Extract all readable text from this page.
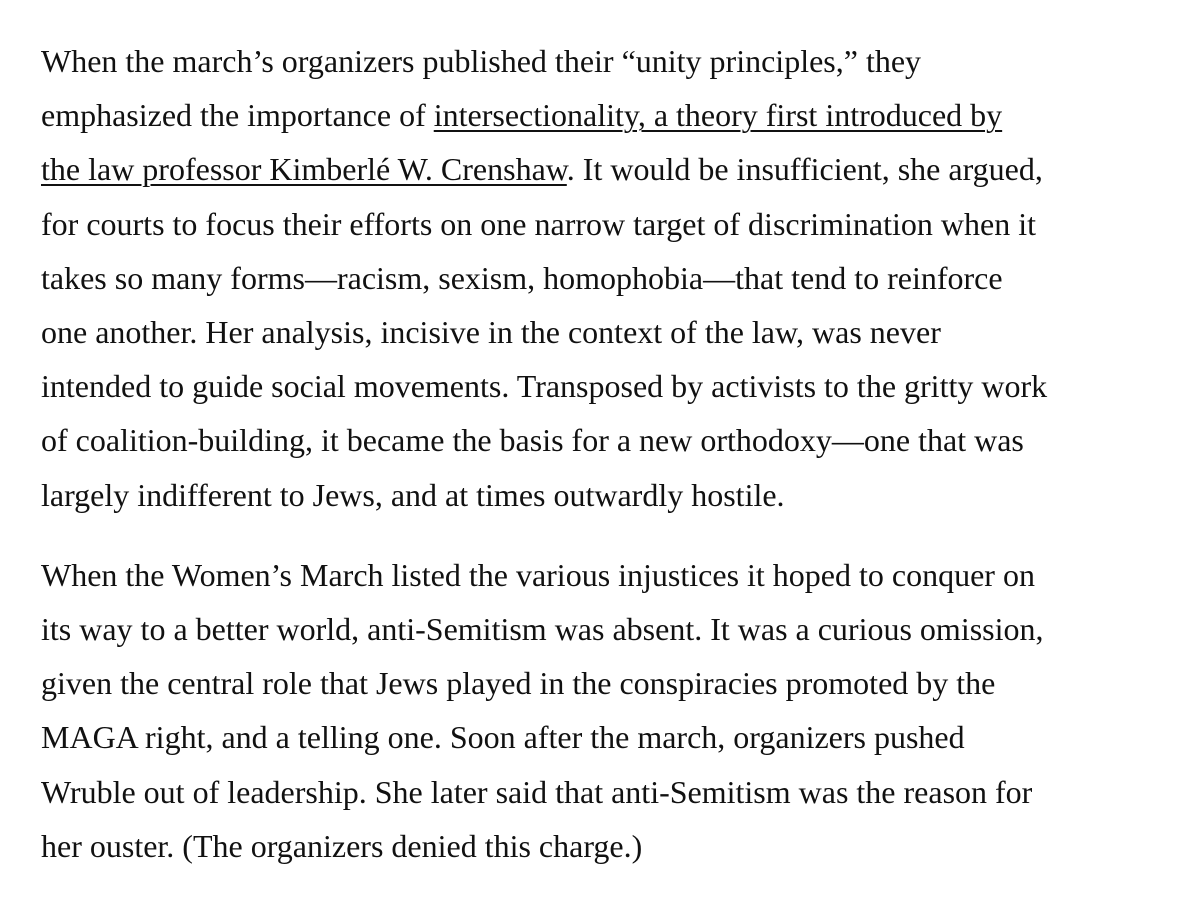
When the march’s organizers published their “unity principles,” they
emphasized the importance of intersectionality, a theory first introduced by
the law professor Kimberlé W. Crenshaw. It would be insufficient, she argued,
for courts to focus their efforts on one narrow target of discrimination when it
takes so many forms—racism, sexism, homophobia—that tend to reinforce
one another. Her analysis, incisive in the context of the law, was never
intended to guide social movements. Transposed by activists to the gritty work
of coalition-building, it became the basis for a new orthodoxy—one that was
largely indifferent to Jews, and at times outwardly hostile.

When the Women’s March listed the various injustices it hoped to conquer on
its way to a better world, anti-Semitism was absent. It was a curious omission,
given the central role that Jews played in the conspiracies promoted by the
MAGA right, and a telling one. Soon after the march, organizers pushed
Wruble out of leadership. She later said that anti-Semitism was the reason for
her ouster. (The organizers denied this charge.)
